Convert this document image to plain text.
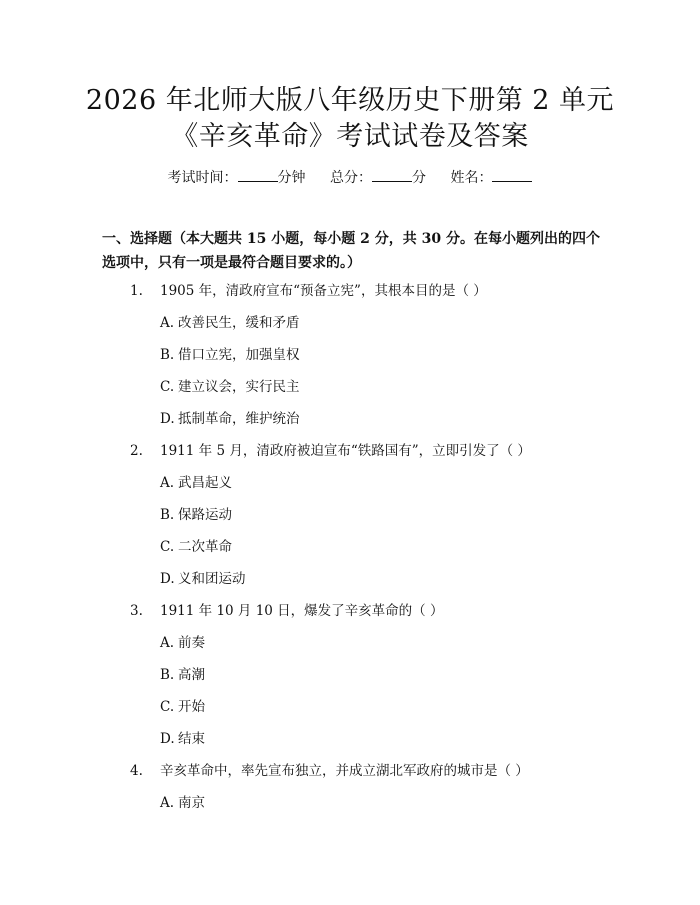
2026 年北师大版八年级历史下册第 2 单元
《辛亥革命》考试试卷及答案
考试时间：	分钟 总分：	分 姓名：
一、选择题（本大题共 15 小题，每小题 2 分，共 30 分。在每小题列出的四个选项中，只有一项是最符合题目要求的。）
1. 1905 年，清政府宣布“预备立宪”，其根本目的是（ ）
A. 改善民生，缓和矛盾
B. 借口立宪，加强皇权
C. 建立议会，实行民主
D. 抵制革命，维护统治
2. 1911 年 5 月，清政府被迫宣布“铁路国有”，立即引发了（ ）
A. 武昌起义
B. 保路运动
C. 二次革命
D. 义和团运动
3. 1911 年 10 月 10 日，爆发了辛亥革命的（ ）
A. 前奏
B. 高潮
C. 开始
D. 结束
4. 辛亥革命中，率先宣布独立，并成立湖北军政府的城市是（ ）
A. 南京
